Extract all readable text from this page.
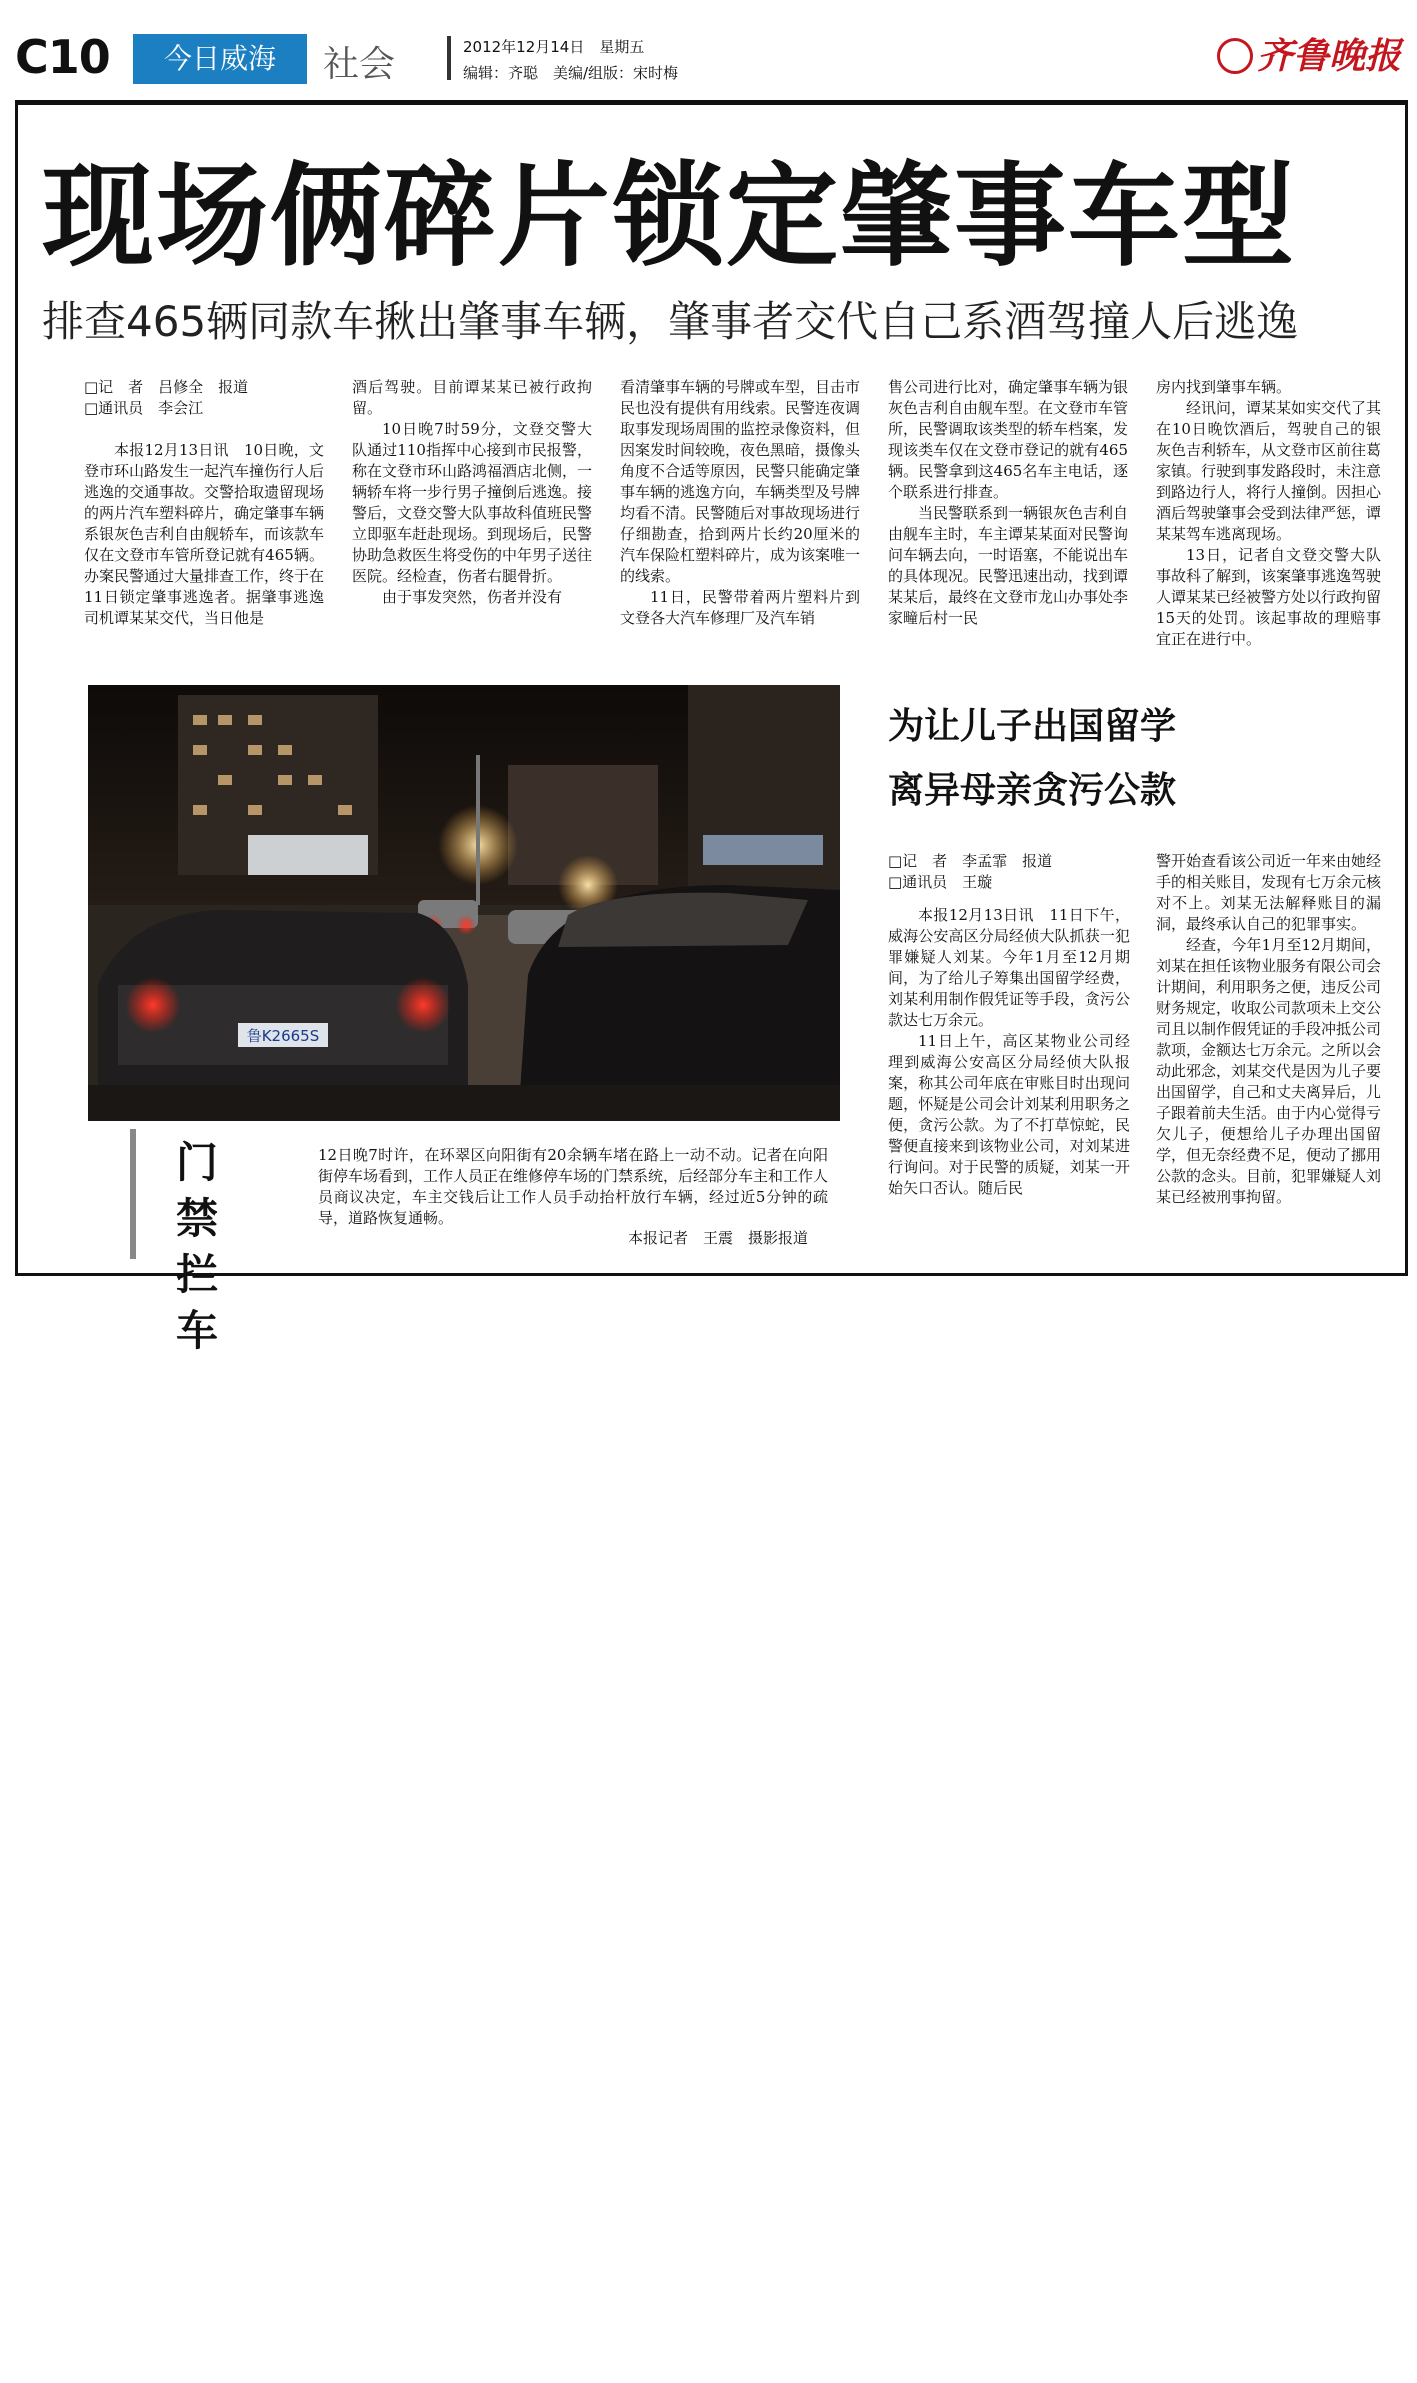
C10	今日威海	社会	2012年12月14日　星期五
编辑：齐聪　美编/组版：宋时梅	齐鲁晚报
现场俩碎片锁定肇事车型
排查465辆同款车揪出肇事车辆，肇事者交代自己系酒驾撞人后逃逸

□记　者　吕修全　报道

□通讯员　李会江

本报12月13日讯　10日晚，文登市环山路发生一起汽车撞伤行人后逃逸的交通事故。交警拾取遗留现场的两片汽车塑料碎片，确定肇事车辆系银灰色吉利自由舰轿车，而该款车仅在文登市车管所登记就有465辆。办案民警通过大量排查工作，终于在11日锁定肇事逃逸者。据肇事逃逸司机谭某某交代，当日他是

酒后驾驶。目前谭某某已被行政拘留。

10日晚7时59分，文登交警大队通过110指挥中心接到市民报警，称在文登市环山路鸿福酒店北侧，一辆轿车将一步行男子撞倒后逃逸。接警后，文登交警大队事故科值班民警立即驱车赶赴现场。到现场后，民警协助急救医生将受伤的中年男子送往医院。经检查，伤者右腿骨折。

由于事发突然，伤者并没有

看清肇事车辆的号牌或车型，目击市民也没有提供有用线索。民警连夜调取事发现场周围的监控录像资料，但因案发时间较晚，夜色黑暗，摄像头角度不合适等原因，民警只能确定肇事车辆的逃逸方向，车辆类型及号牌均看不清。民警随后对事故现场进行仔细勘查，拾到两片长约20厘米的汽车保险杠塑料碎片，成为该案唯一的线索。

11日，民警带着两片塑料片到文登各大汽车修理厂及汽车销

售公司进行比对，确定肇事车辆为银灰色吉利自由舰车型。在文登市车管所，民警调取该类型的轿车档案，发现该类车仅在文登市登记的就有465辆。民警拿到这465名车主电话，逐个联系进行排查。

当民警联系到一辆银灰色吉利自由舰车主时，车主谭某某面对民警询问车辆去向，一时语塞，不能说出车的具体现况。民警迅速出动，找到谭某某后，最终在文登市龙山办事处李家疃后村一民

房内找到肇事车辆。

经讯问，谭某某如实交代了其在10日晚饮酒后，驾驶自己的银灰色吉利轿车，从文登市区前往葛家镇。行驶到事发路段时，未注意到路边行人，将行人撞倒。因担心酒后驾驶肇事会受到法律严惩，谭某某驾车逃离现场。

13日，记者自文登交警大队事故科了解到，该案肇事逃逸驾驶人谭某某已经被警方处以行政拘留15天的处罚。该起事故的理赔事宜正在进行中。

鲁K2665S
门禁拦车
12日晚7时许，在环翠区向阳街有20余辆车堵在路上一动不动。记者在向阳街停车场看到，工作人员正在维修停车场的门禁系统，后经部分车主和工作人员商议决定，车主交钱后让工作人员手动抬杆放行车辆，经过近5分钟的疏导，道路恢复通畅。
本报记者　王震　摄影报道
为让儿子出国留学
离异母亲贪污公款

□记　者　李孟霏　报道

□通讯员　王璇

本报12月13日讯　11日下午，威海公安高区分局经侦大队抓获一犯罪嫌疑人刘某。今年1月至12月期间，为了给儿子筹集出国留学经费，刘某利用制作假凭证等手段，贪污公款达七万余元。

11日上午，高区某物业公司经理到威海公安高区分局经侦大队报案，称其公司年底在审账目时出现问题，怀疑是公司会计刘某利用职务之便，贪污公款。为了不打草惊蛇，民警便直接来到该物业公司，对刘某进行询问。对于民警的质疑，刘某一开始矢口否认。随后民

警开始查看该公司近一年来由她经手的相关账目，发现有七万余元核对不上。刘某无法解释账目的漏洞，最终承认自己的犯罪事实。

经查，今年1月至12月期间，刘某在担任该物业服务有限公司会计期间，利用职务之便，违反公司财务规定，收取公司款项未上交公司且以制作假凭证的手段冲抵公司款项，金额达七万余元。之所以会动此邪念，刘某交代是因为儿子要出国留学，自己和丈夫离异后，儿子跟着前夫生活。由于内心觉得亏欠儿子，便想给儿子办理出国留学，但无奈经费不足，便动了挪用公款的念头。目前，犯罪嫌疑人刘某已经被刑事拘留。
